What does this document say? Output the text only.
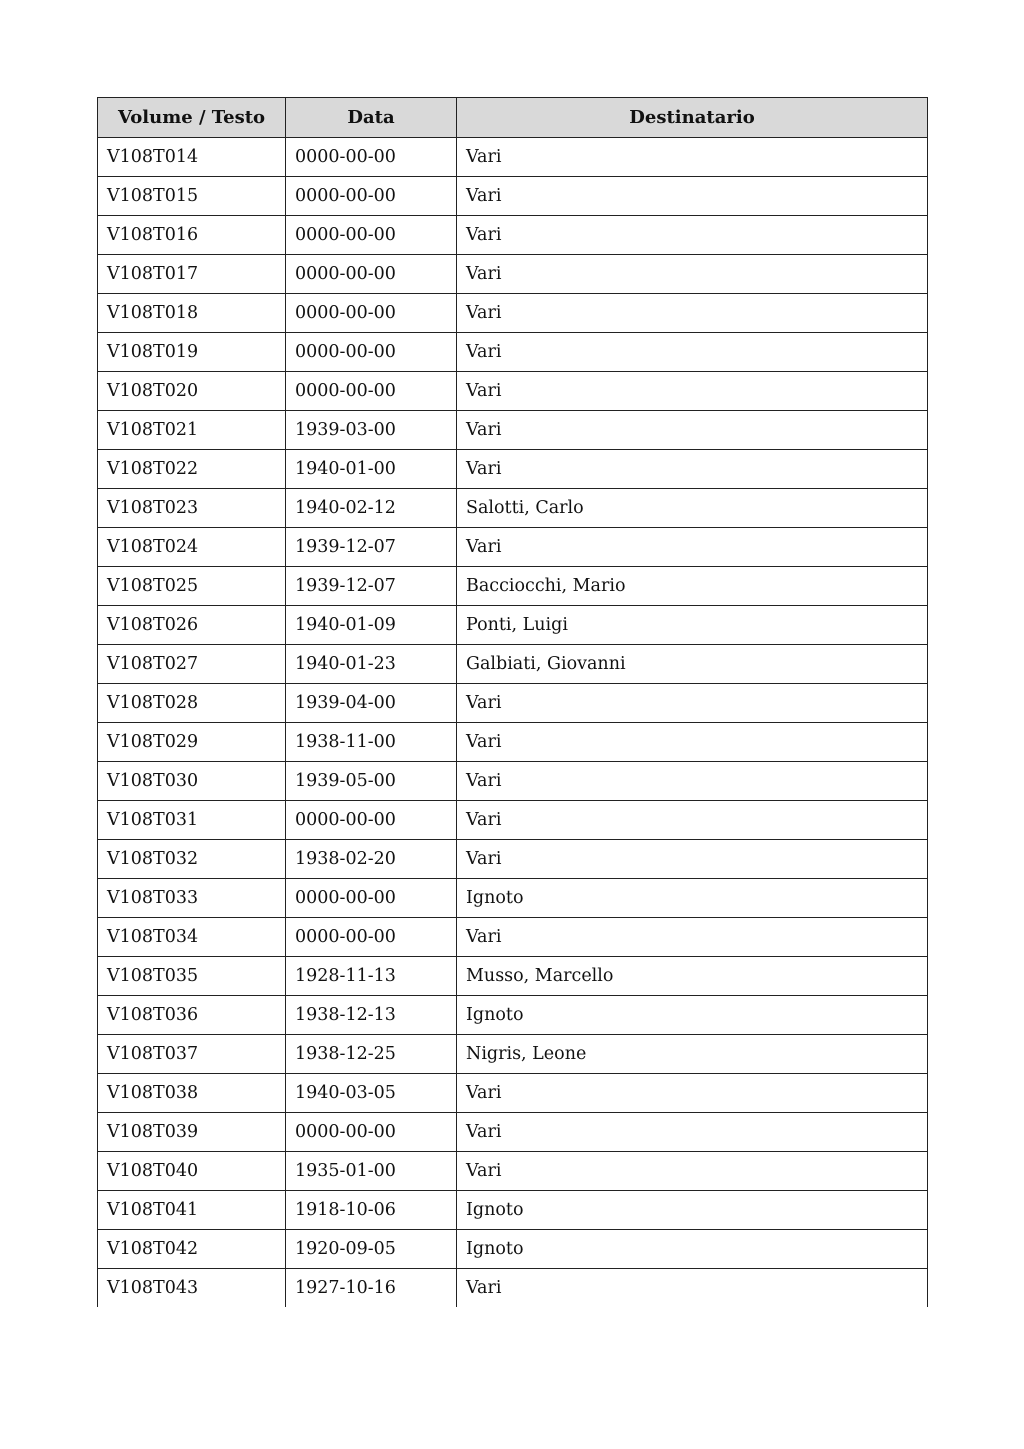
Volume / Testo	Data	Destinatario
V108T014	0000-00-00	Vari
V108T015	0000-00-00	Vari
V108T016	0000-00-00	Vari
V108T017	0000-00-00	Vari
V108T018	0000-00-00	Vari
V108T019	0000-00-00	Vari
V108T020	0000-00-00	Vari
V108T021	1939-03-00	Vari
V108T022	1940-01-00	Vari
V108T023	1940-02-12	Salotti, Carlo
V108T024	1939-12-07	Vari
V108T025	1939-12-07	Bacciocchi, Mario
V108T026	1940-01-09	Ponti, Luigi
V108T027	1940-01-23	Galbiati, Giovanni
V108T028	1939-04-00	Vari
V108T029	1938-11-00	Vari
V108T030	1939-05-00	Vari
V108T031	0000-00-00	Vari
V108T032	1938-02-20	Vari
V108T033	0000-00-00	Ignoto
V108T034	0000-00-00	Vari
V108T035	1928-11-13	Musso, Marcello
V108T036	1938-12-13	Ignoto
V108T037	1938-12-25	Nigris, Leone
V108T038	1940-03-05	Vari
V108T039	0000-00-00	Vari
V108T040	1935-01-00	Vari
V108T041	1918-10-06	Ignoto
V108T042	1920-09-05	Ignoto
V108T043	1927-10-16	Vari
